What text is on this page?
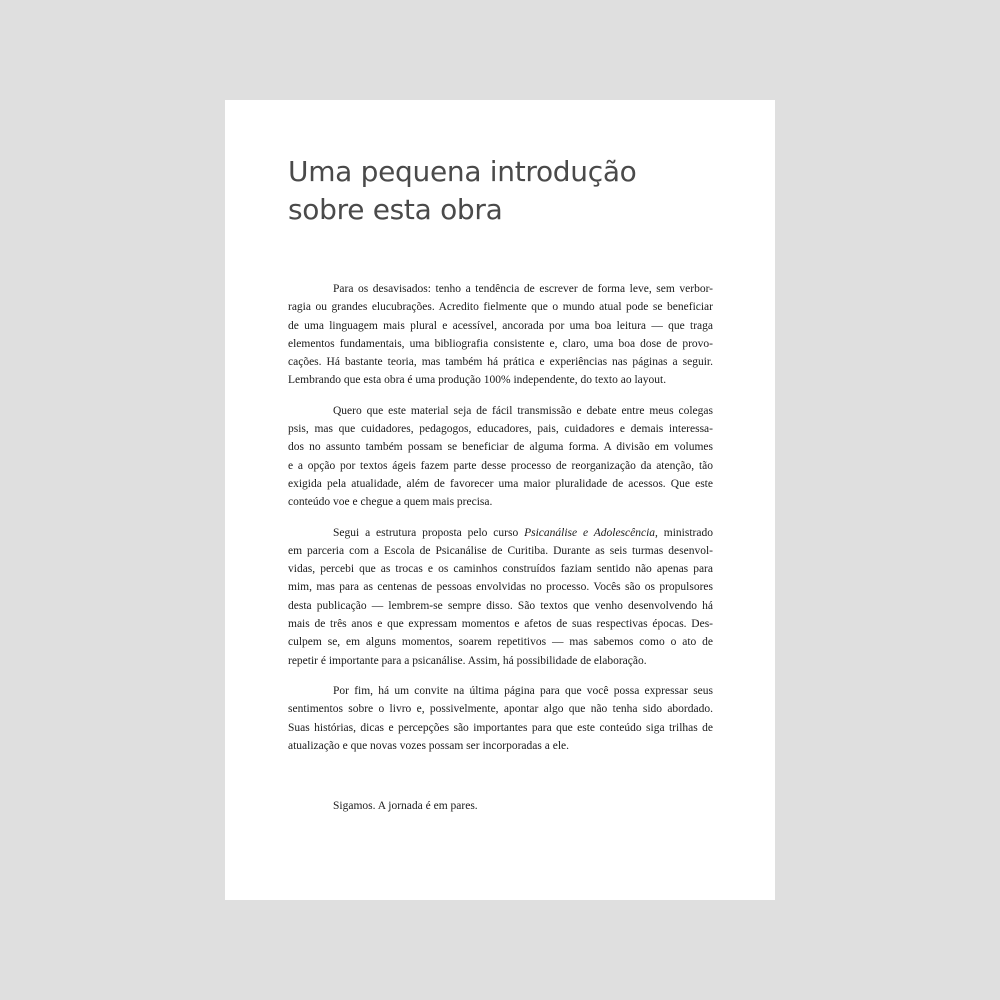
Uma pequena introdução
sobre esta obra

Para os desavisados: tenho a tendência de escrever de forma leve, sem verbor-
ragia ou grandes elucubrações. Acredito fielmente que o mundo atual pode se beneficiar
de uma linguagem mais plural e acessível, ancorada por uma boa leitura — que traga
elementos fundamentais, uma bibliografia consistente e, claro, uma boa dose de provo-
cações. Há bastante teoria, mas também há prática e experiências nas páginas a seguir.
Lembrando que esta obra é uma produção 100% independente, do texto ao layout.

Quero que este material seja de fácil transmissão e debate entre meus colegas
psis, mas que cuidadores, pedagogos, educadores, pais, cuidadores e demais interessa-
dos no assunto também possam se beneficiar de alguma forma. A divisão em volumes
e a opção por textos ágeis fazem parte desse processo de reorganização da atenção, tão
exigida pela atualidade, além de favorecer uma maior pluralidade de acessos. Que este
conteúdo voe e chegue a quem mais precisa.

Segui a estrutura proposta pelo curso Psicanálise e Adolescência, ministrado
em parceria com a Escola de Psicanálise de Curitiba. Durante as seis turmas desenvol-
vidas, percebi que as trocas e os caminhos construídos faziam sentido não apenas para
mim, mas para as centenas de pessoas envolvidas no processo. Vocês são os propulsores
desta publicação — lembrem-se sempre disso. São textos que venho desenvolvendo há
mais de três anos e que expressam momentos e afetos de suas respectivas épocas. Des-
culpem se, em alguns momentos, soarem repetitivos — mas sabemos como o ato de
repetir é importante para a psicanálise. Assim, há possibilidade de elaboração.

Por fim, há um convite na última página para que você possa expressar seus
sentimentos sobre o livro e, possivelmente, apontar algo que não tenha sido abordado.
Suas histórias, dicas e percepções são importantes para que este conteúdo siga trilhas de
atualização e que novas vozes possam ser incorporadas a ele.

Sigamos. A jornada é em pares.
